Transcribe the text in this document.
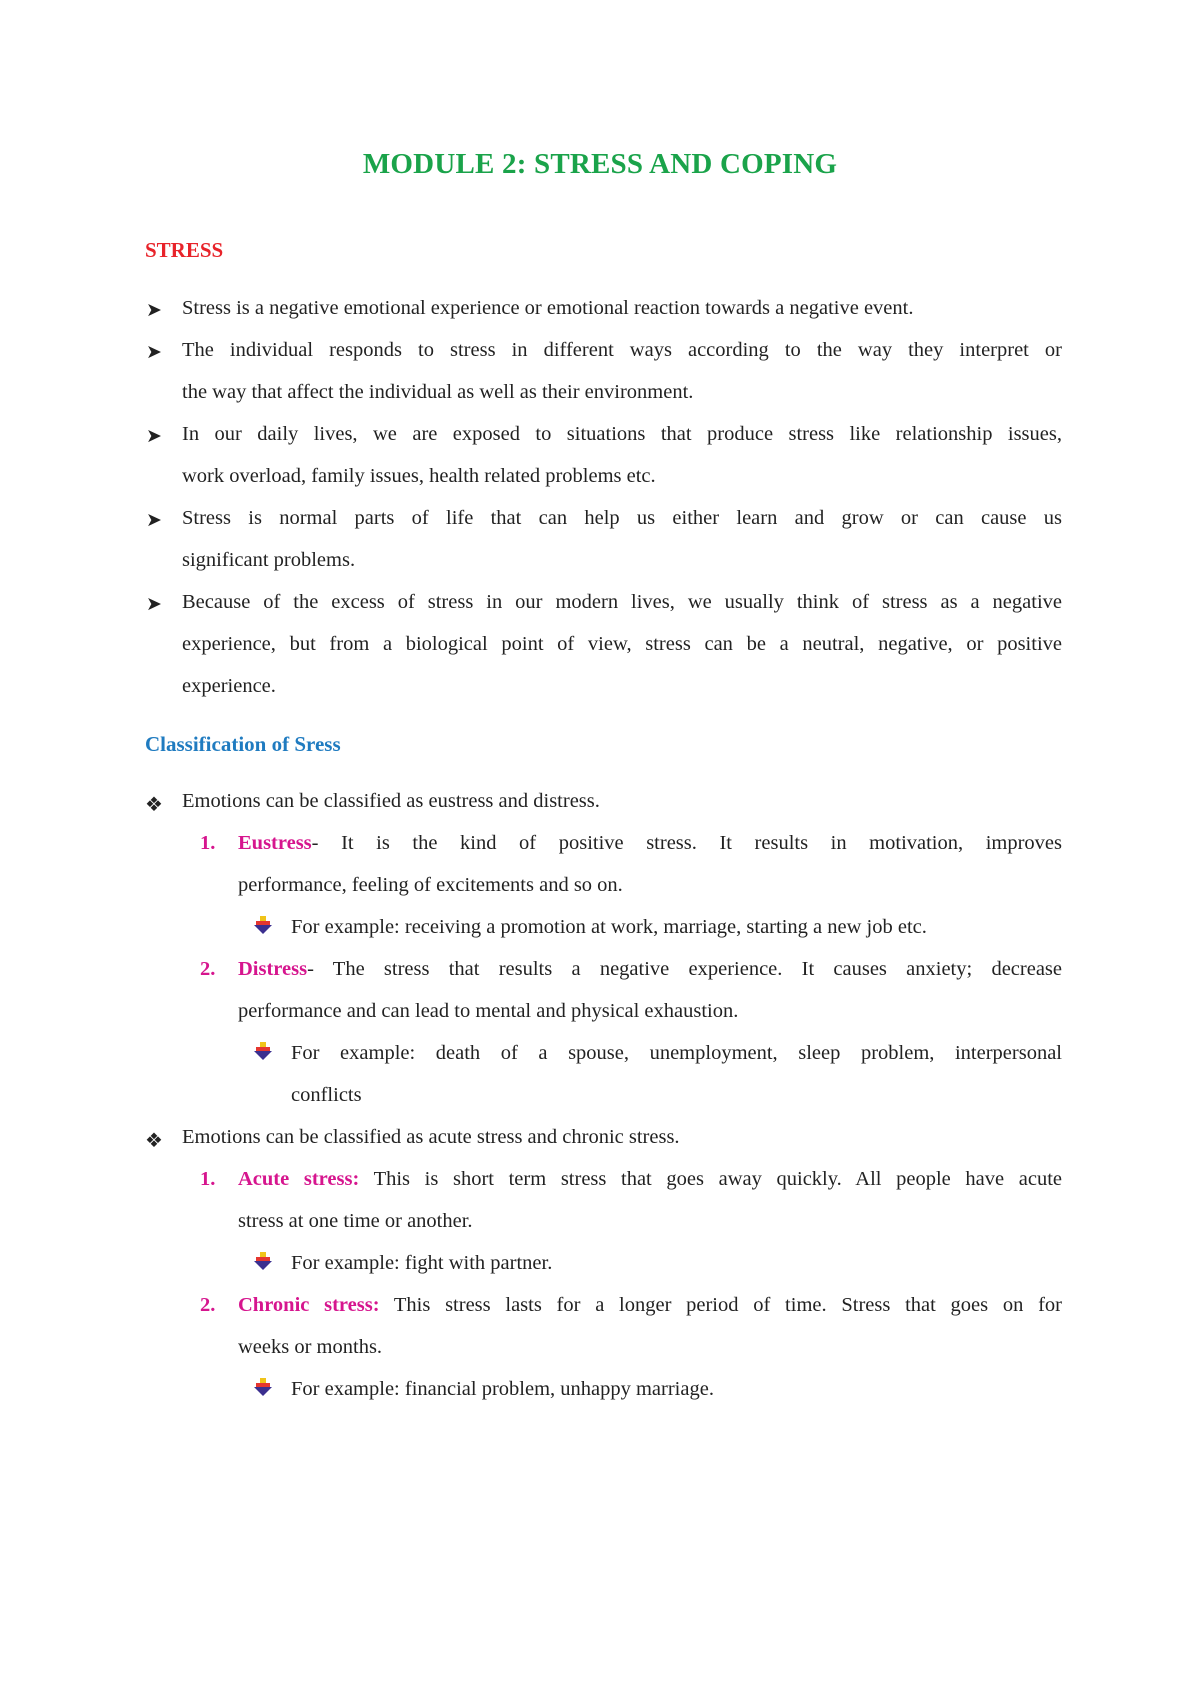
MODULE 2: STRESS AND COPING
STRESS
➤ Stress is a negative emotional experience or emotional reaction towards a negative event.
➤ The individual responds to stress in different ways according to the way they interpret or
the way that affect the individual as well as their environment.
➤ In our daily lives, we are exposed to situations that produce stress like relationship issues,
work overload, family issues, health related problems etc.
➤ Stress is normal parts of life that can help us either learn and grow or can cause us
significant problems.
➤ Because of the excess of stress in our modern lives, we usually think of stress as a negative
experience, but from a biological point of view, stress can be a neutral, negative, or positive
experience.
Classification of Sress
❖ Emotions can be classified as eustress and distress.
1. Eustress- It is the kind of positive stress. It results in motivation, improves
performance, feeling of excitements and so on.
For example: receiving a promotion at work, marriage, starting a new job etc.
2. Distress- The stress that results a negative experience. It causes anxiety; decrease
performance and can lead to mental and physical exhaustion.
For example: death of a spouse, unemployment, sleep problem, interpersonal
conflicts
❖ Emotions can be classified as acute stress and chronic stress.
1. Acute stress: This is short term stress that goes away quickly. All people have acute
stress at one time or another.
For example: fight with partner.
2. Chronic stress: This stress lasts for a longer period of time. Stress that goes on for
weeks or months.
For example: financial problem, unhappy marriage.
